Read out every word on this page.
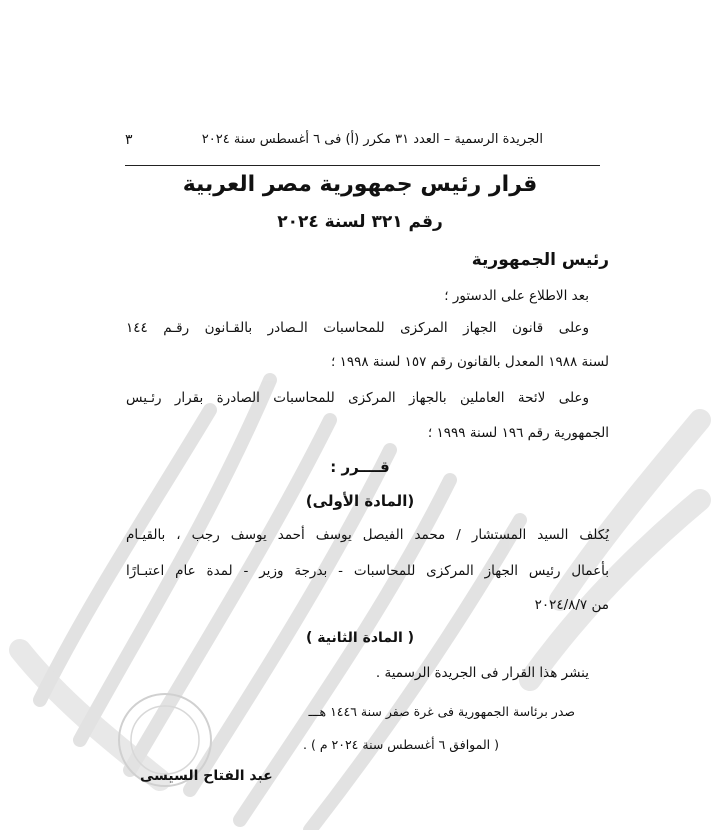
الجريدة الرسمية – العدد ٣١ مكرر (أ) فى ٦ أغسطس سنة ٢٠٢٤
٣
قرار رئيس جمهورية مصر العربية
رقم ٣٢١ لسنة ٢٠٢٤
رئيس الجمهورية
بعد الاطلاع على الدستور ؛
وعلى قانون الجهاز المركزى للمحاسبات الـصادر بالقـانون رقـم ١٤٤
لسنة ١٩٨٨ المعدل بالقانون رقم ١٥٧ لسنة ١٩٩٨ ؛
وعلى لائحة العاملين بالجهاز المركزى للمحاسبات الصادرة بقرار رئـيس
الجمهورية رقم ١٩٦ لسنة ١٩٩٩ ؛
قــــرر :
(المادة الأولى)
يُكلف السيد المستشار / محمد الفيصل يوسف أحمد يوسف رجب ، بالقيـام
بأعمال رئيس الجهاز المركزى للمحاسبات - بدرجة وزير - لمدة عام اعتبـارًا
من ٢٠٢٤/٨/٧
( المادة الثانية )
ينشر هذا القرار فى الجريدة الرسمية .
صدر برئاسة الجمهورية فى غرة صفر سنة ١٤٤٦ هـــ
( الموافق ٦ أغسطس سنة ٢٠٢٤ م ) .
عبد الفتاح السيسى
